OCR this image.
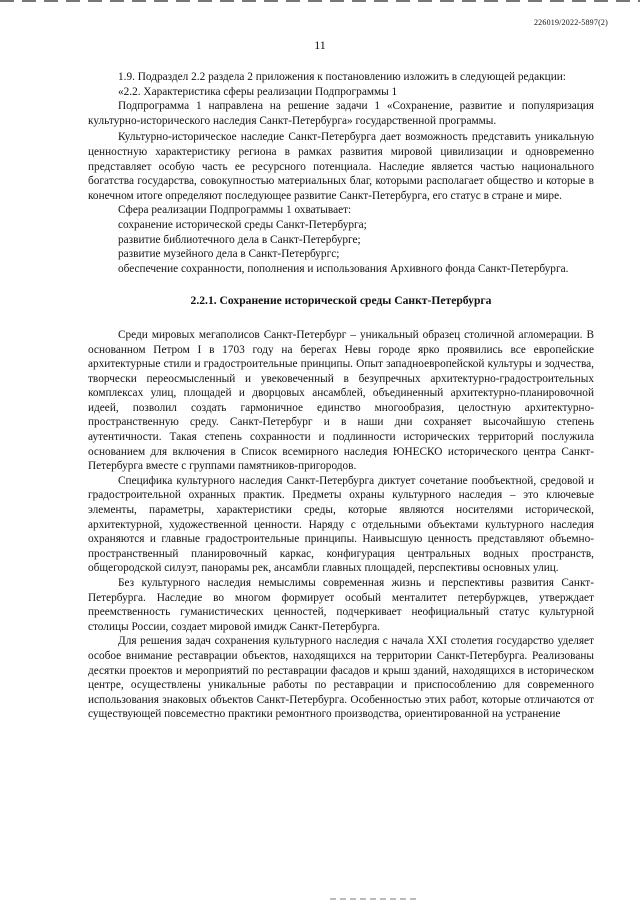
226019/2022-5897(2)
11

1.9. Подраздел 2.2 раздела 2 приложения к постановлению изложить в следующей редакции:

«2.2. Характеристика сферы реализации Подпрограммы 1

Подпрограмма 1 направлена на решение задачи 1 «Сохранение, развитие и популяризация культурно-исторического наследия Санкт-Петербурга» государственной программы.

Культурно-историческое наследие Санкт-Петербурга дает возможность представить уникальную ценностную характеристику региона в рамках развития мировой цивилизации и одновременно представляет особую часть ее ресурсного потенциала. Наследие является частью национального богатства государства, совокупностью материальных благ, которыми располагает общество и которые в конечном итоге определяют последующее развитие Санкт-Петербурга, его статус в стране и мире.

Сфера реализации Подпрограммы 1 охватывает:

сохранение исторической среды Санкт-Петербурга;

развитие библиотечного дела в Санкт-Петербурге;

развитие музейного дела в Санкт-Петербургс;

обеспечение сохранности, пополнения и использования Архивного фонда Санкт-Петербурга.

2.2.1. Сохранение исторической среды Санкт-Петербурга

Среди мировых мегаполисов Санкт-Петербург – уникальный образец столичной агломерации. В основанном Петром I в 1703 году на берегах Невы городе ярко проявились все европейские архитектурные стили и градостроительные принципы. Опыт западноевропейской культуры и зодчества, творчески переосмысленный и увековеченный в безупречных архитектурно-градостроительных комплексах улиц, площадей и дворцовых ансамблей, объединенный архитектурно-планировочной идеей, позволил создать гармоничное единство многообразия, целостную архитектурно-пространственную среду. Санкт-Петербург и в наши дни сохраняет высочайшую степень аутентичности. Такая степень сохранности и подлинности исторических территорий послужила основанием для включения в Список всемирного наследия ЮНЕСКО исторического центра Санкт-Петербурга вместе с группами памятников-пригородов.

Специфика культурного наследия Санкт-Петербурга диктует сочетание пообъектной, средовой и градостроительной охранных практик. Предметы охраны культурного наследия – это ключевые элементы, параметры, характеристики среды, которые являются носителями исторической, архитектурной, художественной ценности. Наряду с отдельными объектами культурного наследия охраняются и главные градостроительные принципы. Наивысшую ценность представляют объемно-пространственный планировочный каркас, конфигурация центральных водных пространств, общегородской силуэт, панорамы рек, ансамбли главных площадей, перспективы основных улиц.

Без культурного наследия немыслимы современная жизнь и перспективы развития Санкт-Петербурга. Наследие во многом формирует особый менталитет петербуржцев, утверждает преемственность гуманистических ценностей, подчеркивает неофициальный статус культурной столицы России, создает мировой имидж Санкт-Петербурга.

Для решения задач сохранения культурного наследия с начала XXI столетия государство уделяет особое внимание реставрации объектов, находящихся на территории Санкт-Петербурга. Реализованы десятки проектов и мероприятий по реставрации фасадов и крыш зданий, находящихся в историческом центре, осуществлены уникальные работы по реставрации и приспособлению для современного использования знаковых объектов Санкт-Петербурга. Особенностью этих работ, которые отличаются от существующей повсеместно практики ремонтного производства, ориентированной на устранение
